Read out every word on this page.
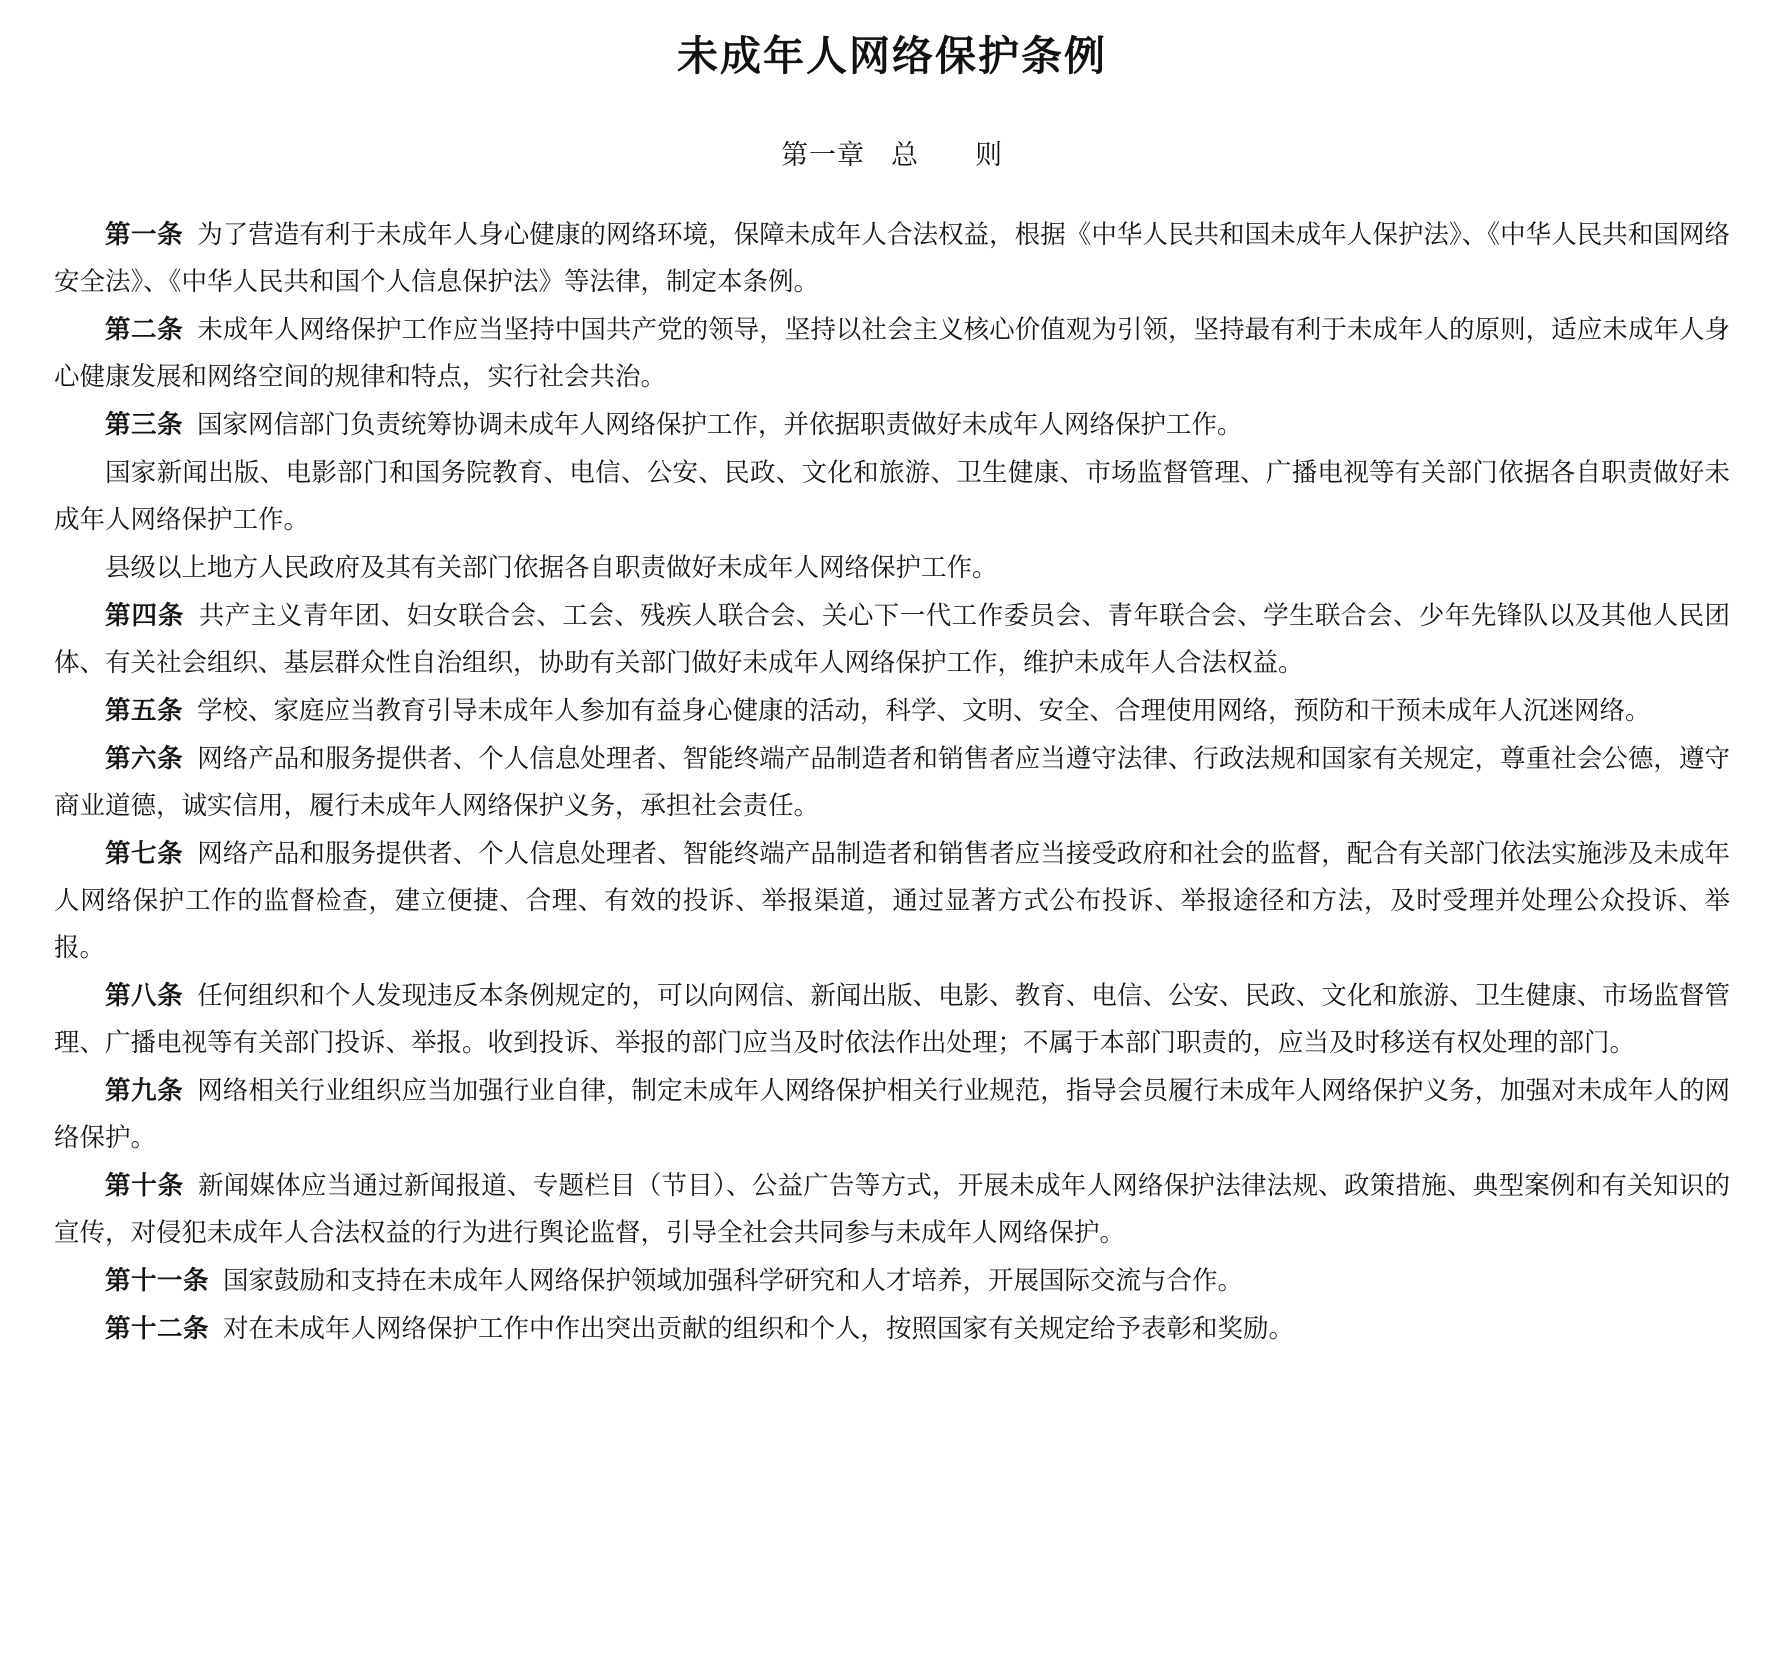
未成年人网络保护条例
第一章 总　　则

第一条 为了营造有利于未成年人身心健康的网络环境，保障未成年人合法权益，根据《中华人民共和国未成年人保护法》、《中华人民共和国网络安全法》、《中华人民共和国个人信息保护法》等法律，制定本条例。

第二条 未成年人网络保护工作应当坚持中国共产党的领导，坚持以社会主义核心价值观为引领，坚持最有利于未成年人的原则，适应未成年人身心健康发展和网络空间的规律和特点，实行社会共治。

第三条 国家网信部门负责统筹协调未成年人网络保护工作，并依据职责做好未成年人网络保护工作。

国家新闻出版、电影部门和国务院教育、电信、公安、民政、文化和旅游、卫生健康、市场监督管理、广播电视等有关部门依据各自职责做好未成年人网络保护工作。

县级以上地方人民政府及其有关部门依据各自职责做好未成年人网络保护工作。

第四条 共产主义青年团、妇女联合会、工会、残疾人联合会、关心下一代工作委员会、青年联合会、学生联合会、少年先锋队以及其他人民团体、有关社会组织、基层群众性自治组织，协助有关部门做好未成年人网络保护工作，维护未成年人合法权益。

第五条 学校、家庭应当教育引导未成年人参加有益身心健康的活动，科学、文明、安全、合理使用网络，预防和干预未成年人沉迷网络。

第六条 网络产品和服务提供者、个人信息处理者、智能终端产品制造者和销售者应当遵守法律、行政法规和国家有关规定，尊重社会公德，遵守商业道德，诚实信用，履行未成年人网络保护义务，承担社会责任。

第七条 网络产品和服务提供者、个人信息处理者、智能终端产品制造者和销售者应当接受政府和社会的监督，配合有关部门依法实施涉及未成年人网络保护工作的监督检查，建立便捷、合理、有效的投诉、举报渠道，通过显著方式公布投诉、举报途径和方法，及时受理并处理公众投诉、举报。

第八条 任何组织和个人发现违反本条例规定的，可以向网信、新闻出版、电影、教育、电信、公安、民政、文化和旅游、卫生健康、市场监督管理、广播电视等有关部门投诉、举报。收到投诉、举报的部门应当及时依法作出处理；不属于本部门职责的，应当及时移送有权处理的部门。

第九条 网络相关行业组织应当加强行业自律，制定未成年人网络保护相关行业规范，指导会员履行未成年人网络保护义务，加强对未成年人的网络保护。

第十条 新闻媒体应当通过新闻报道、专题栏目（节目）、公益广告等方式，开展未成年人网络保护法律法规、政策措施、典型案例和有关知识的宣传，对侵犯未成年人合法权益的行为进行舆论监督，引导全社会共同参与未成年人网络保护。

第十一条 国家鼓励和支持在未成年人网络保护领域加强科学研究和人才培养，开展国际交流与合作。

第十二条 对在未成年人网络保护工作中作出突出贡献的组织和个人，按照国家有关规定给予表彰和奖励。
